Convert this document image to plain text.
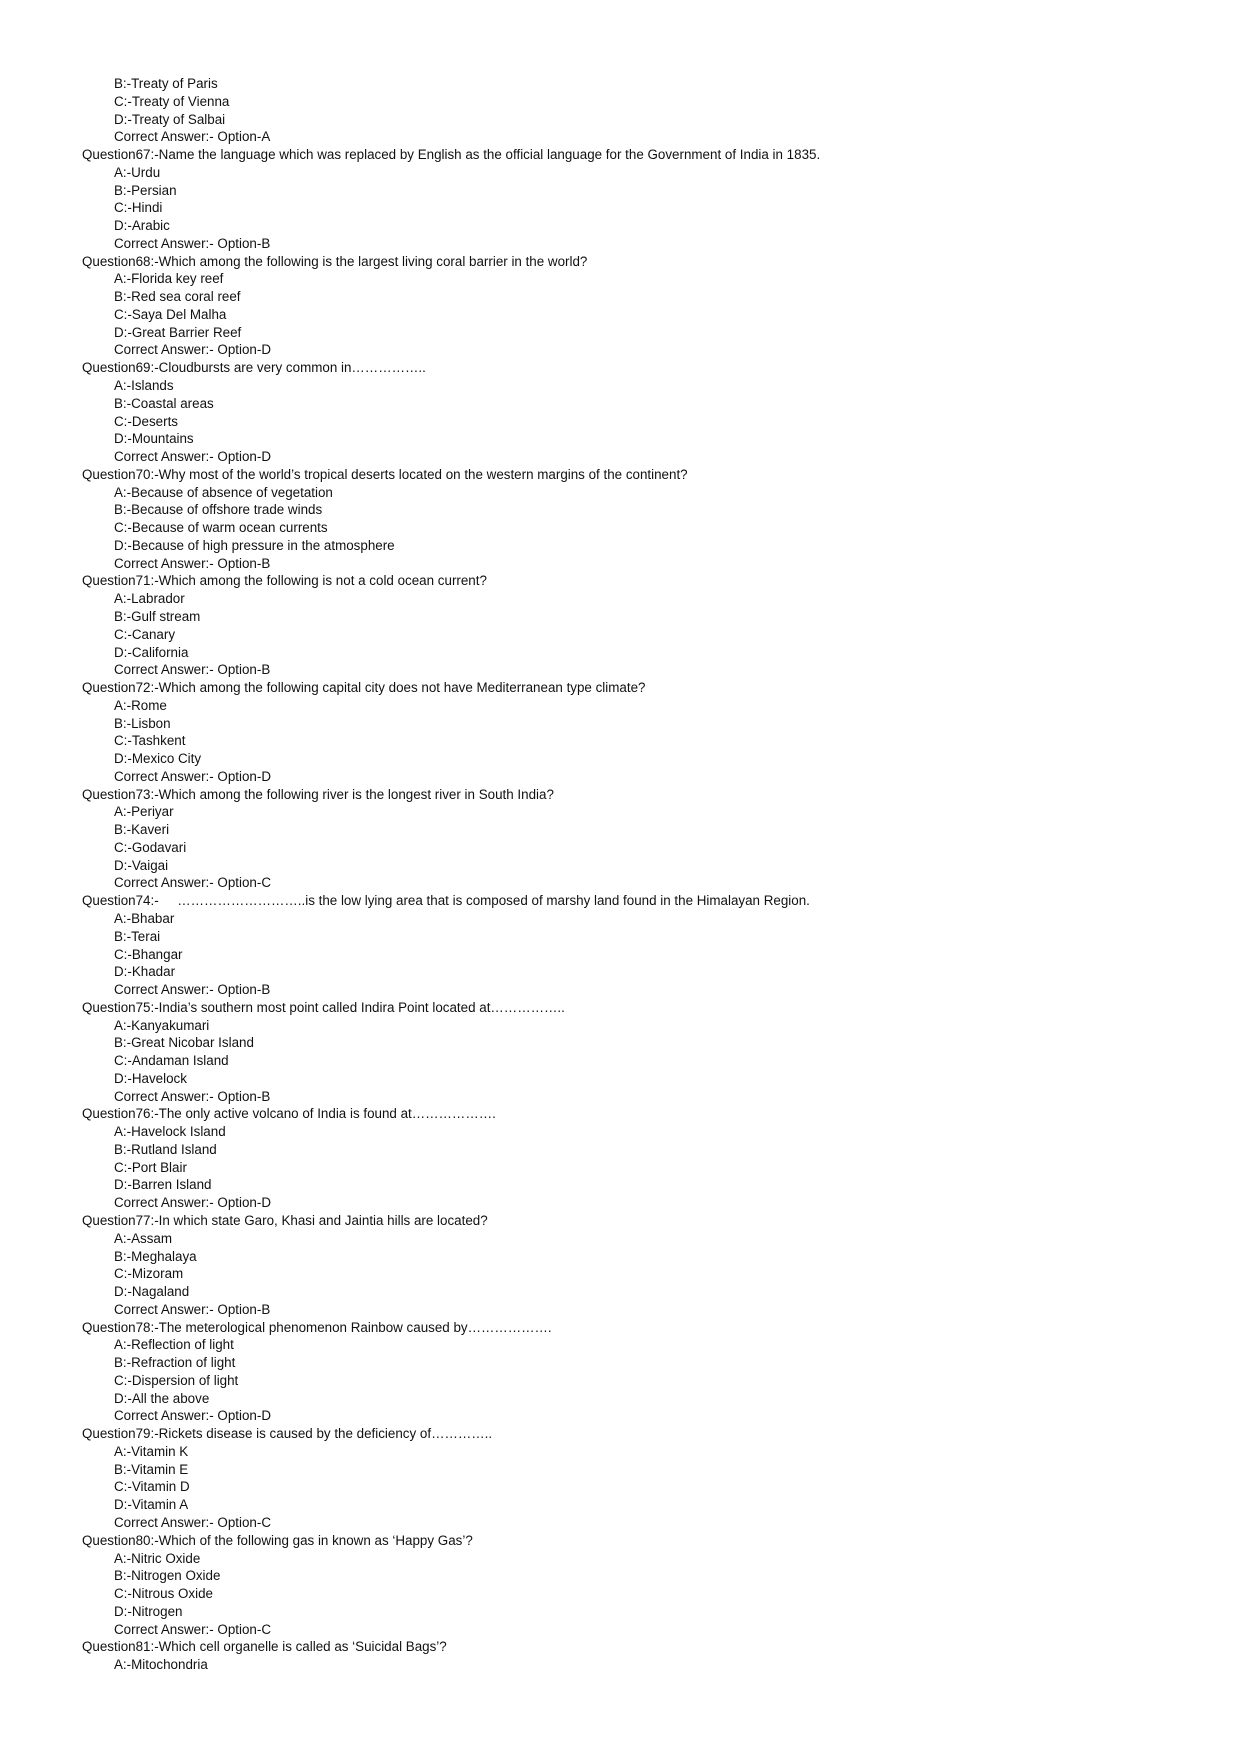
B:-Treaty of Paris
C:-Treaty of Vienna
D:-Treaty of Salbai
Correct Answer:- Option-A
Question67:-Name the language which was replaced by English as the official language for the Government of India in 1835.
A:-Urdu
B:-Persian
C:-Hindi
D:-Arabic
Correct Answer:- Option-B
Question68:-Which among the following is the largest living coral barrier in the world?
A:-Florida key reef
B:-Red sea coral reef
C:-Saya Del Malha
D:-Great Barrier Reef
Correct Answer:- Option-D
Question69:-Cloudbursts are very common in……………..
A:-Islands
B:-Coastal areas
C:-Deserts
D:-Mountains
Correct Answer:- Option-D
Question70:-Why most of the world’s tropical deserts located on the western margins of the continent?
A:-Because of absence of vegetation
B:-Because of offshore trade winds
C:-Because of warm ocean currents
D:-Because of high pressure in the atmosphere
Correct Answer:- Option-B
Question71:-Which among the following is not a cold ocean current?
A:-Labrador
B:-Gulf stream
C:-Canary
D:-California
Correct Answer:- Option-B
Question72:-Which among the following capital city does not have Mediterranean type climate?
A:-Rome
B:-Lisbon
C:-Tashkent
D:-Mexico City
Correct Answer:- Option-D
Question73:-Which among the following river is the longest river in South India?
A:-Periyar
B:-Kaveri
C:-Godavari
D:-Vaigai
Correct Answer:- Option-C
Question74:-     ………………………..is the low lying area that is composed of marshy land found in the Himalayan Region.
A:-Bhabar
B:-Terai
C:-Bhangar
D:-Khadar
Correct Answer:- Option-B
Question75:-India’s southern most point called Indira Point located at……………..
A:-Kanyakumari
B:-Great Nicobar Island
C:-Andaman Island
D:-Havelock
Correct Answer:- Option-B
Question76:-The only active volcano of India is found at……………….
A:-Havelock Island
B:-Rutland Island
C:-Port Blair
D:-Barren Island
Correct Answer:- Option-D
Question77:-In which state Garo, Khasi and Jaintia hills are located?
A:-Assam
B:-Meghalaya
C:-Mizoram
D:-Nagaland
Correct Answer:- Option-B
Question78:-The meterological phenomenon Rainbow caused by……………….
A:-Reflection of light
B:-Refraction of light
C:-Dispersion of light
D:-All the above
Correct Answer:- Option-D
Question79:-Rickets disease is caused by the deficiency of…………..
A:-Vitamin K
B:-Vitamin E
C:-Vitamin D
D:-Vitamin A
Correct Answer:- Option-C
Question80:-Which of the following gas in known as ‘Happy Gas’?
A:-Nitric Oxide
B:-Nitrogen Oxide
C:-Nitrous Oxide
D:-Nitrogen
Correct Answer:- Option-C
Question81:-Which cell organelle is called as ‘Suicidal Bags’?
A:-Mitochondria
